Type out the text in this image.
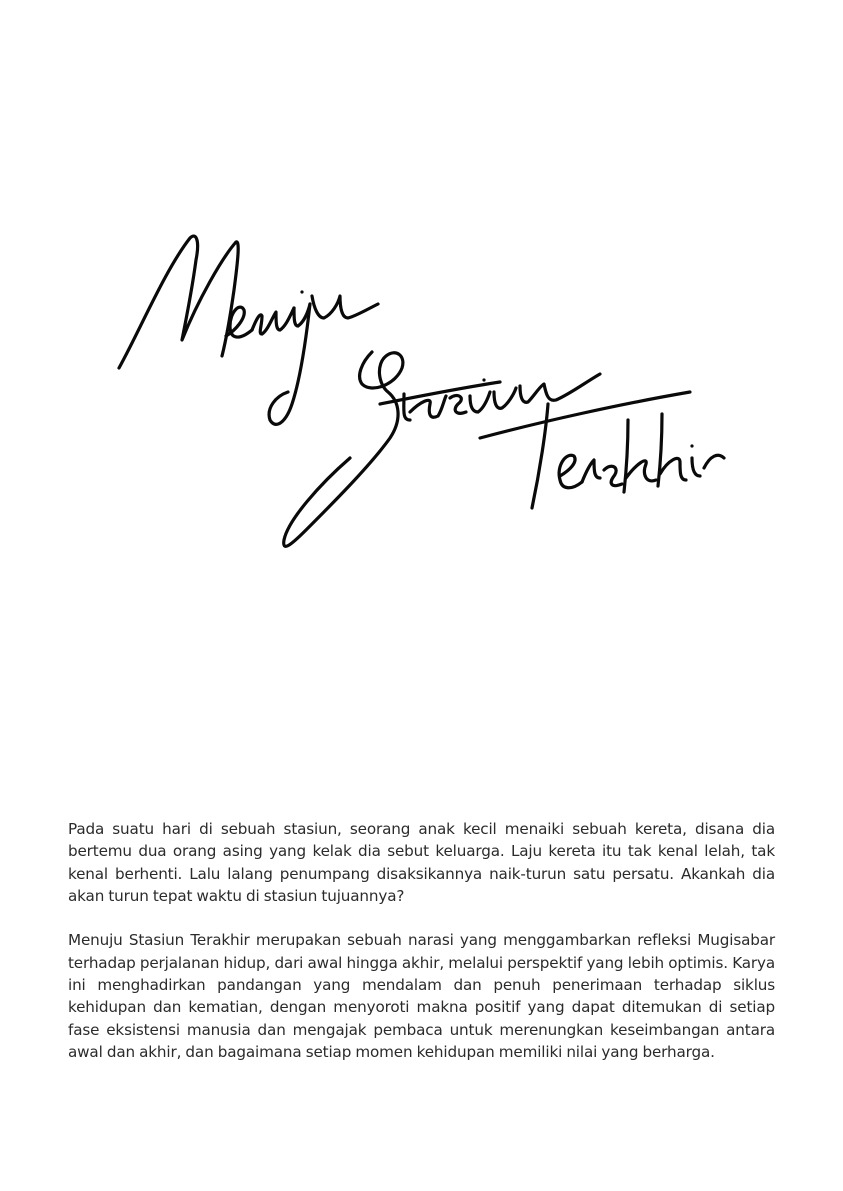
Pada suatu hari di sebuah stasiun, seorang anak kecil menaiki sebuah kereta, disana dia bertemu dua orang asing yang kelak dia sebut keluarga. Laju kereta itu tak kenal lelah, tak kenal berhenti. Lalu lalang penumpang disaksikannya naik-turun satu persatu. Akankah dia akan turun tepat waktu di stasiun tujuannya?

Menuju Stasiun Terakhir merupakan sebuah narasi yang menggambarkan refleksi Mugisabar terhadap perjalanan hidup, dari awal hingga akhir, melalui perspektif yang lebih optimis. Karya ini menghadirkan pandangan yang mendalam dan penuh penerimaan terhadap siklus kehidupan dan kematian, dengan menyoroti makna positif yang dapat ditemukan di setiap fase eksistensi manusia dan mengajak pembaca untuk merenungkan keseimbangan antara awal dan akhir, dan bagaimana setiap momen kehidupan memiliki nilai yang berharga.
